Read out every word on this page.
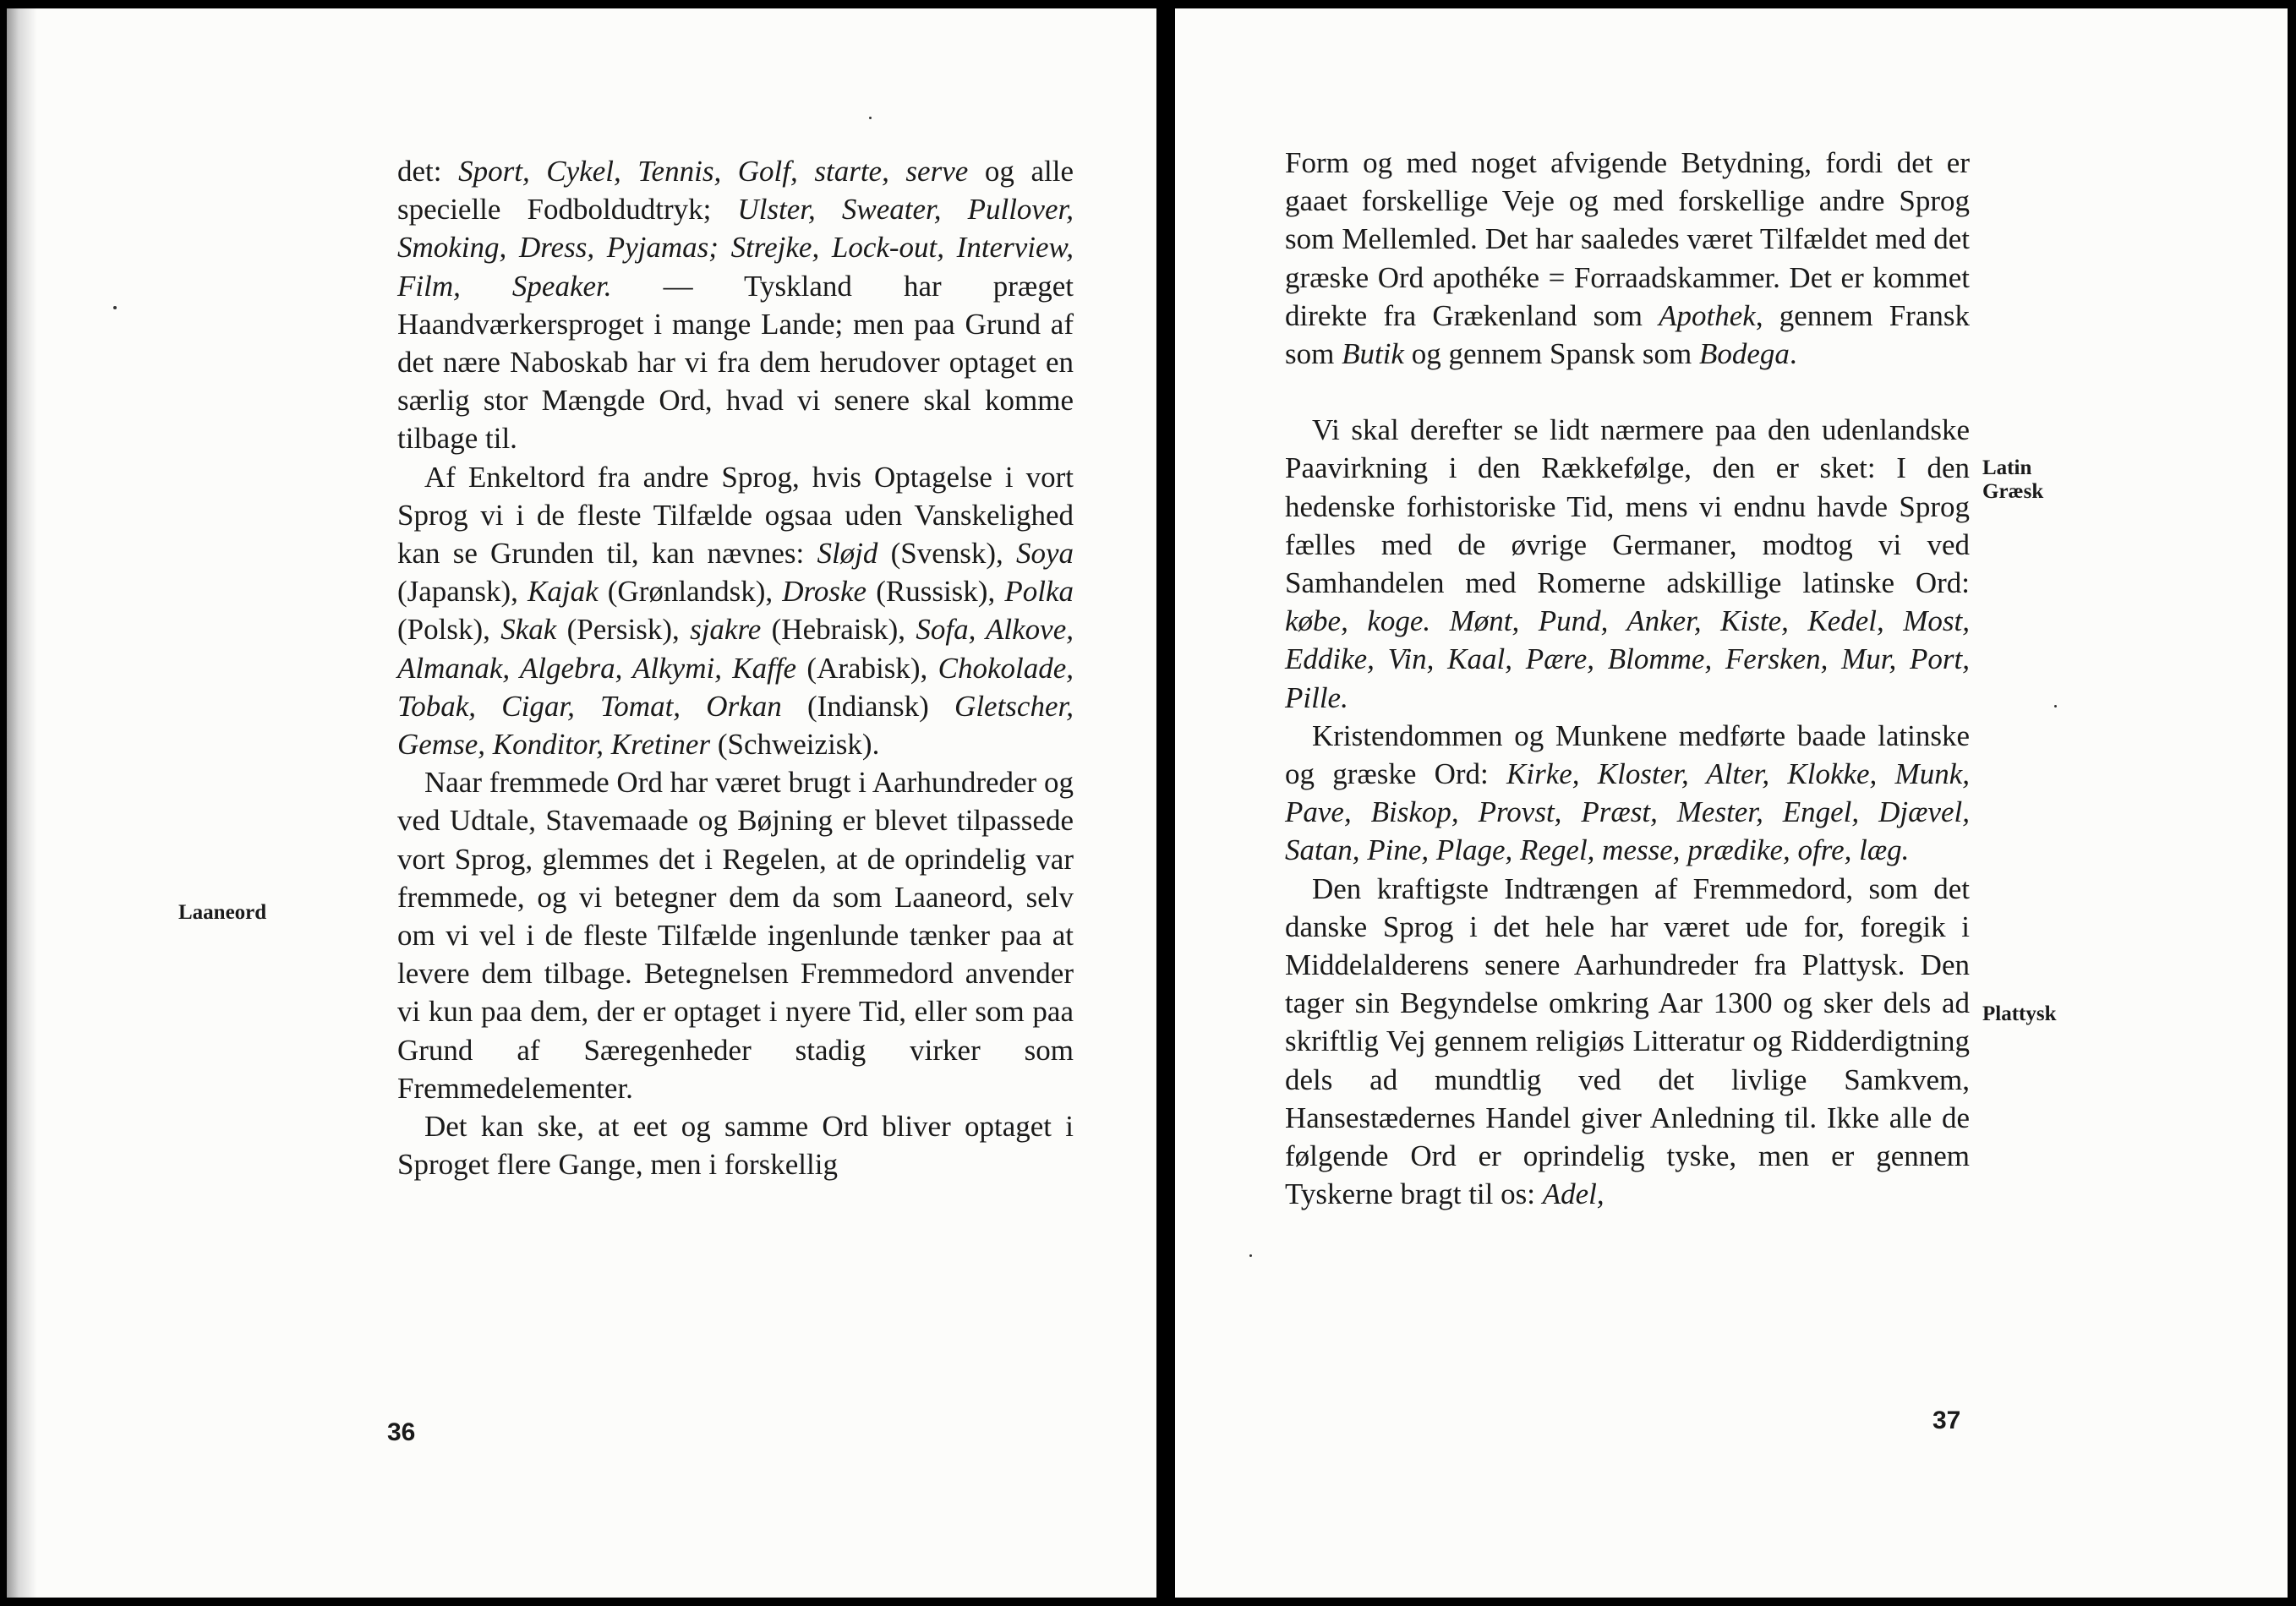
Laaneord

det: Sport, Cykel, Tennis, Golf, starte, serve og alle specielle Fodboldudtryk; Ulster, Sweater, Pullover, Smoking, Dress, Pyjamas; Strejke, Lock-out, Interview, Film, Speaker. — Tyskland har præget Haandværkersproget i mange Lande; men paa Grund af det nære Naboskab har vi fra dem herudover optaget en særlig stor Mængde Ord, hvad vi senere skal komme tilbage til.

Af Enkeltord fra andre Sprog, hvis Optagelse i vort Sprog vi i de fleste Tilfælde ogsaa uden Vanskelighed kan se Grunden til, kan nævnes: Sløjd (Svensk), Soya (Japansk), Kajak (Grønlandsk), Droske (Russisk), Polka (Polsk), Skak (Persisk), sjakre (Hebraisk), Sofa, Alkove, Almanak, Algebra, Alkymi, Kaffe (Arabisk), Chokolade, Tobak, Cigar, Tomat, Orkan (Indiansk) Gletscher, Gemse, Konditor, Kretiner (Schweizisk).

Naar fremmede Ord har været brugt i Aarhundreder og ved Udtale, Stavemaade og Bøjning er blevet tilpassede vort Sprog, glemmes det i Regelen, at de oprindelig var fremmede, og vi betegner dem da som Laaneord, selv om vi vel i de fleste Tilfælde ingenlunde tænker paa at levere dem tilbage. Betegnelsen Fremmedord anvender vi kun paa dem, der er optaget i nyere Tid, eller som paa Grund af Særegenheder stadig virker som Fremmedelementer.

Det kan ske, at eet og samme Ord bliver optaget i Sproget flere Gange, men i forskellig

36
Latin
Græsk
Plattysk

Form og med noget afvigende Betydning, fordi det er gaaet forskellige Veje og med forskellige andre Sprog som Mellemled. Det har saaledes været Tilfældet med det græske Ord apothéke = Forraadskammer. Det er kommet direkte fra Grækenland som Apothek, gennem Fransk som Butik og gennem Spansk som Bodega.

Vi skal derefter se lidt nærmere paa den udenlandske Paavirkning i den Rækkefølge, den er sket: I den hedenske forhistoriske Tid, mens vi endnu havde Sprog fælles med de øvrige Germaner, modtog vi ved Samhandelen med Romerne adskillige latinske Ord: købe, koge. Mønt, Pund, Anker, Kiste, Kedel, Most, Eddike, Vin, Kaal, Pære, Blomme, Fersken, Mur, Port, Pille.

Kristendommen og Munkene medførte baade latinske og græske Ord: Kirke, Kloster, Alter, Klokke, Munk, Pave, Biskop, Provst, Præst, Mester, Engel, Djævel, Satan, Pine, Plage, Regel, messe, prædike, ofre, læg.

Den kraftigste Indtrængen af Fremmedord, som det danske Sprog i det hele har været ude for, foregik i Middelalderens senere Aarhundreder fra Plattysk. Den tager sin Begyndelse omkring Aar 1300 og sker dels ad skriftlig Vej gennem religiøs Litteratur og Ridderdigtning dels ad mundtlig ved det livlige Samkvem, Hansestædernes Handel giver Anledning til. Ikke alle de følgende Ord er oprindelig tyske, men er gennem Tyskerne bragt til os: Adel,

37
